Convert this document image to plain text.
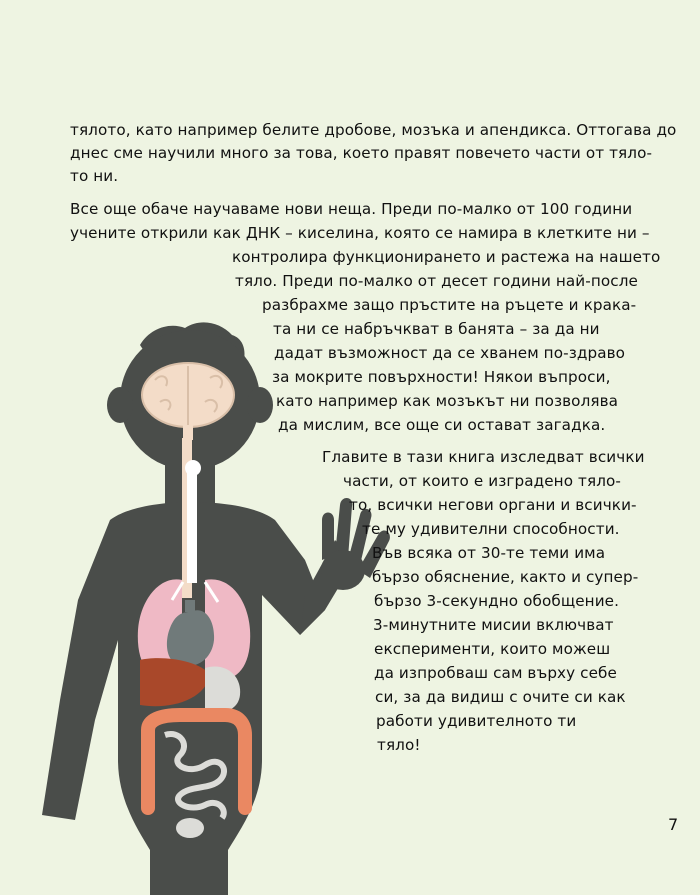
тялото, като например белите дробове, мозъка и апендикса. Оттогава до
днес сме научили много за това, което правят повечето части от тяло-
то ни.
Все още обаче научаваме нови неща. Преди по-малко от 100 години
учените открили как ДНК – киселина, която се намира в клетките ни –
контролира функционирането и растежа на нашето
тяло. Преди по-малко от десет години най-после
разбрахме защо пръстите на ръцете и крака-
та ни се набръчкват в банята – за да ни
дадат възможност да се хванем по-здраво
за мокрите повърхности! Някои въпроси,
като например как мозъкът ни позволява
да мислим, все още си остават загадка.
Главите в тази книга изследват всички
части, от които е изградено тяло-
то, всички негови органи и всички-
те му удивителни способности.
Във всяка от 30-те теми има
бързо обяснение, както и супер-
бързо 3-секундно обобщение.
3-минутните мисии включват
експерименти, които можеш
да изпробваш сам върху себе
си, за да видиш с очите си как
работи удивителното ти
тяло!
7
